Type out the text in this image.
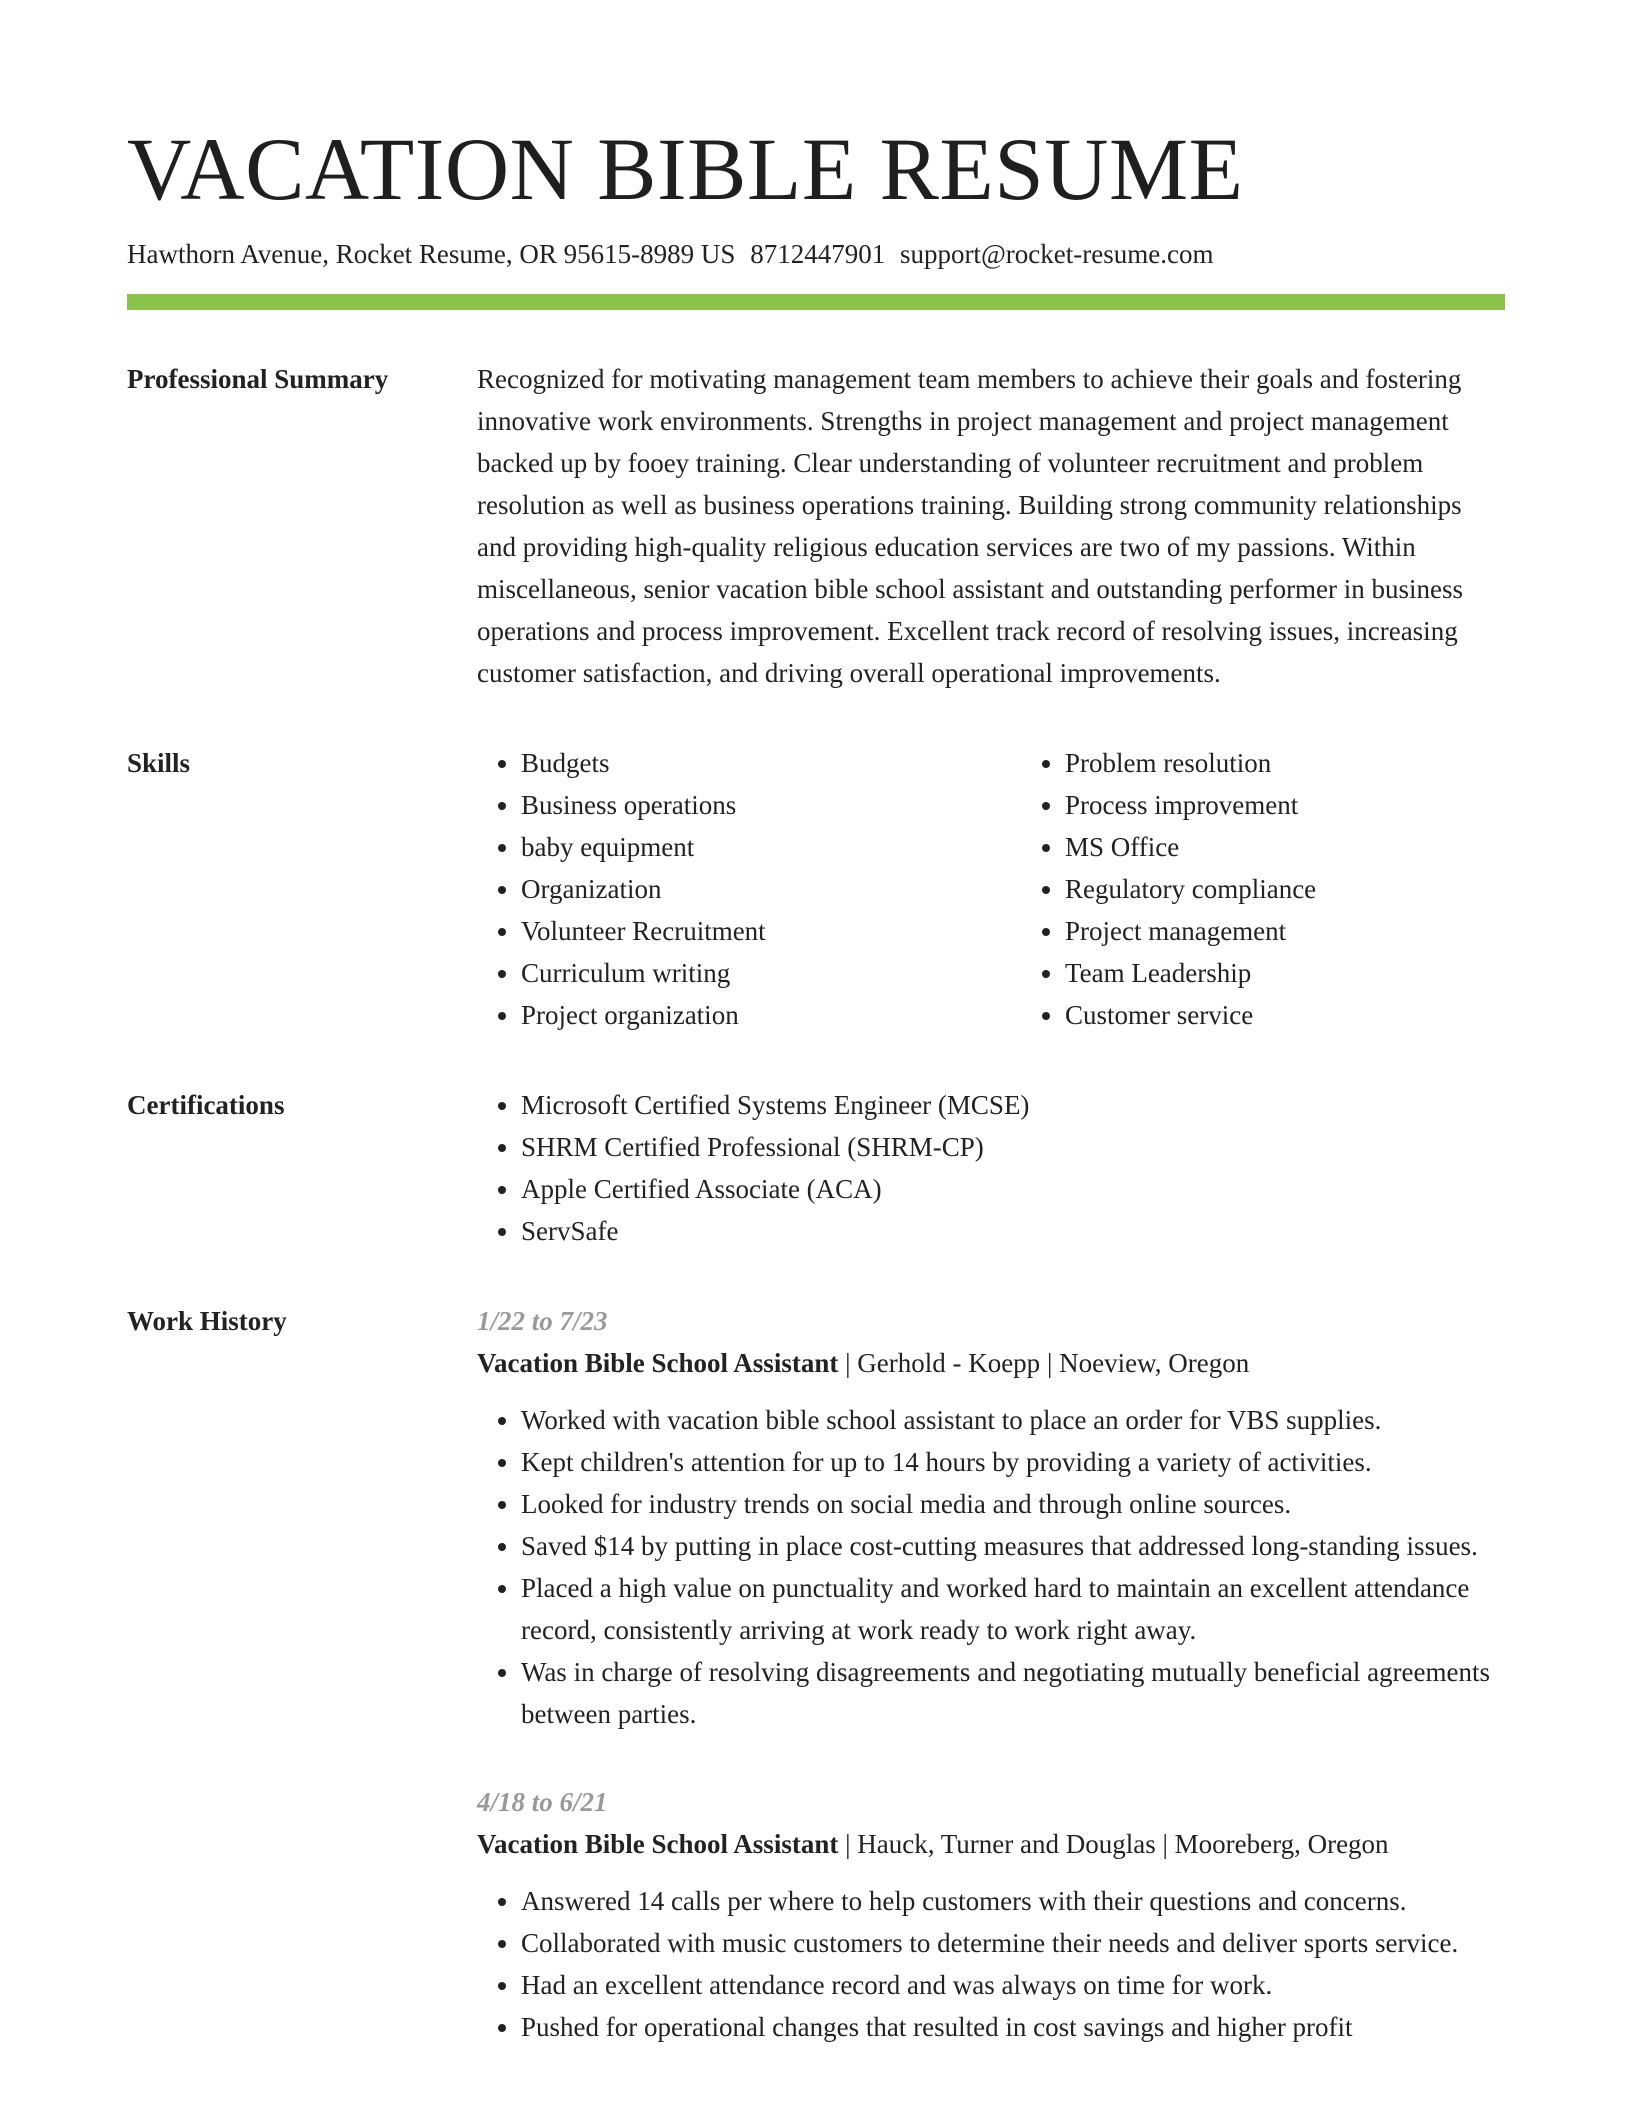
VACATION BIBLE RESUME
Hawthorn Avenue, Rocket Resume, OR 95615-8989 US 8712447901 support@rocket-resume.com
Professional Summary	Recognized for motivating management team members to achieve their goals and fostering innovative work environments. Strengths in project management and project management backed up by fooey training. Clear understanding of volunteer recruitment and problem resolution as well as business operations training. Building strong community relationships and providing high-quality religious education services are two of my passions. Within miscellaneous, senior vacation bible school assistant and outstanding performer in business operations and process improvement. Excellent track record of resolving issues, increasing customer satisfaction, and driving overall operational improvements.

Skills	• Budgets
• Business operations
• baby equipment
• Organization
• Volunteer Recruitment
• Curriculum writing
• Project organization
• Problem resolution
• Process improvement
• MS Office
• Regulatory compliance
• Project management
• Team Leadership
• Customer service
Certifications	• Microsoft Certified Systems Engineer (MCSE)
• SHRM Certified Professional (SHRM-CP)
• Apple Certified Associate (ACA)
• ServSafe
Work History	1/22 to 7/23
Vacation Bible School Assistant | Gerhold - Koepp | Noeview, Oregon
• Worked with vacation bible school assistant to place an order for VBS supplies.
• Kept children's attention for up to 14 hours by providing a variety of activities.
• Looked for industry trends on social media and through online sources.
• Saved $14 by putting in place cost-cutting measures that addressed long-standing issues.
• Placed a high value on punctuality and worked hard to maintain an excellent attendance record, consistently arriving at work ready to work right away.
• Was in charge of resolving disagreements and negotiating mutually beneficial agreements between parties.
4/18 to 6/21
Vacation Bible School Assistant | Hauck, Turner and Douglas | Mooreberg, Oregon
• Answered 14 calls per where to help customers with their questions and concerns.
• Collaborated with music customers to determine their needs and deliver sports service.
• Had an excellent attendance record and was always on time for work.
• Pushed for operational changes that resulted in cost savings and higher profit
